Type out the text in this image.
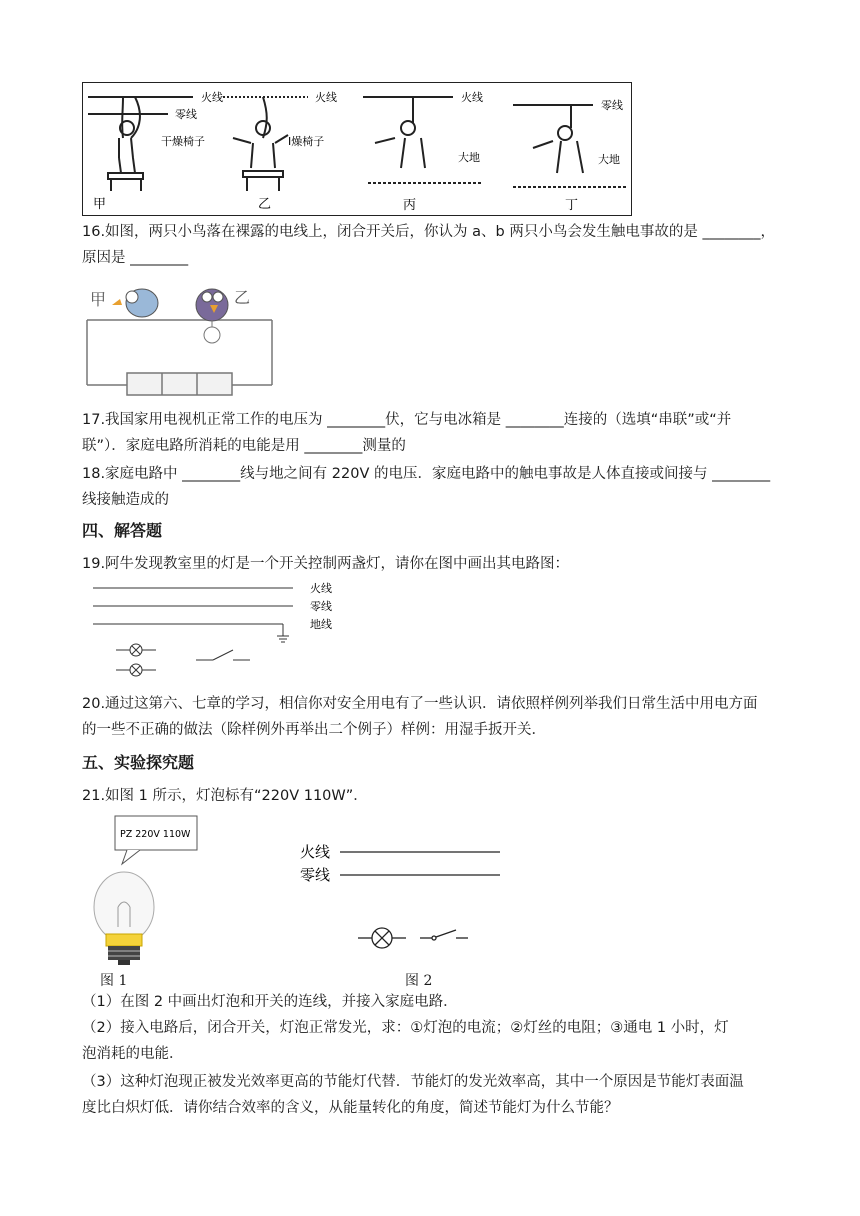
火线
零线
干燥椅子
火线
I燥椅子
火线
大地
零线
大地
甲	乙	丙	丁
16.如图，两只小鸟落在裸露的电线上，闭合开关后，你认为 a、b 两只小鸟会发生触电事故的是 ________，
原因是 ________
甲	乙
17.我国家用电视机正常工作的电压为 ________伏，它与电冰箱是 ________连接的（选填“串联”或“并
联”）．家庭电路所消耗的电能是用 ________测量的
18.家庭电路中 ________线与地之间有 220V 的电压．家庭电路中的触电事故是人体直接或间接与 ________
线接触造成的
四、解答题
19.阿牛发现教室里的灯是一个开关控制两盏灯，请你在图中画出其电路图：
火线
零线
地线
20.通过这第六、七章的学习，相信你对安全用电有了一些认识．请依照样例列举我们日常生活中用电方面
的一些不正确的做法（除样例外再举出二个例子）样例：用湿手扳开关．
五、实验探究题
21.如图 1 所示，灯泡标有“220V 110W”．
PZ 220V 110W
图 1
火线
零线
图 2
（1）在图 2 中画出灯泡和开关的连线，并接入家庭电路．
（2）接入电路后，闭合开关，灯泡正常发光，求：①灯泡的电流；②灯丝的电阻；③通电 1 小时，灯
泡消耗的电能．
（3）这种灯泡现正被发光效率更高的节能灯代替．节能灯的发光效率高，其中一个原因是节能灯表面温
度比白炽灯低．请你结合效率的含义，从能量转化的角度，简述节能灯为什么节能？
